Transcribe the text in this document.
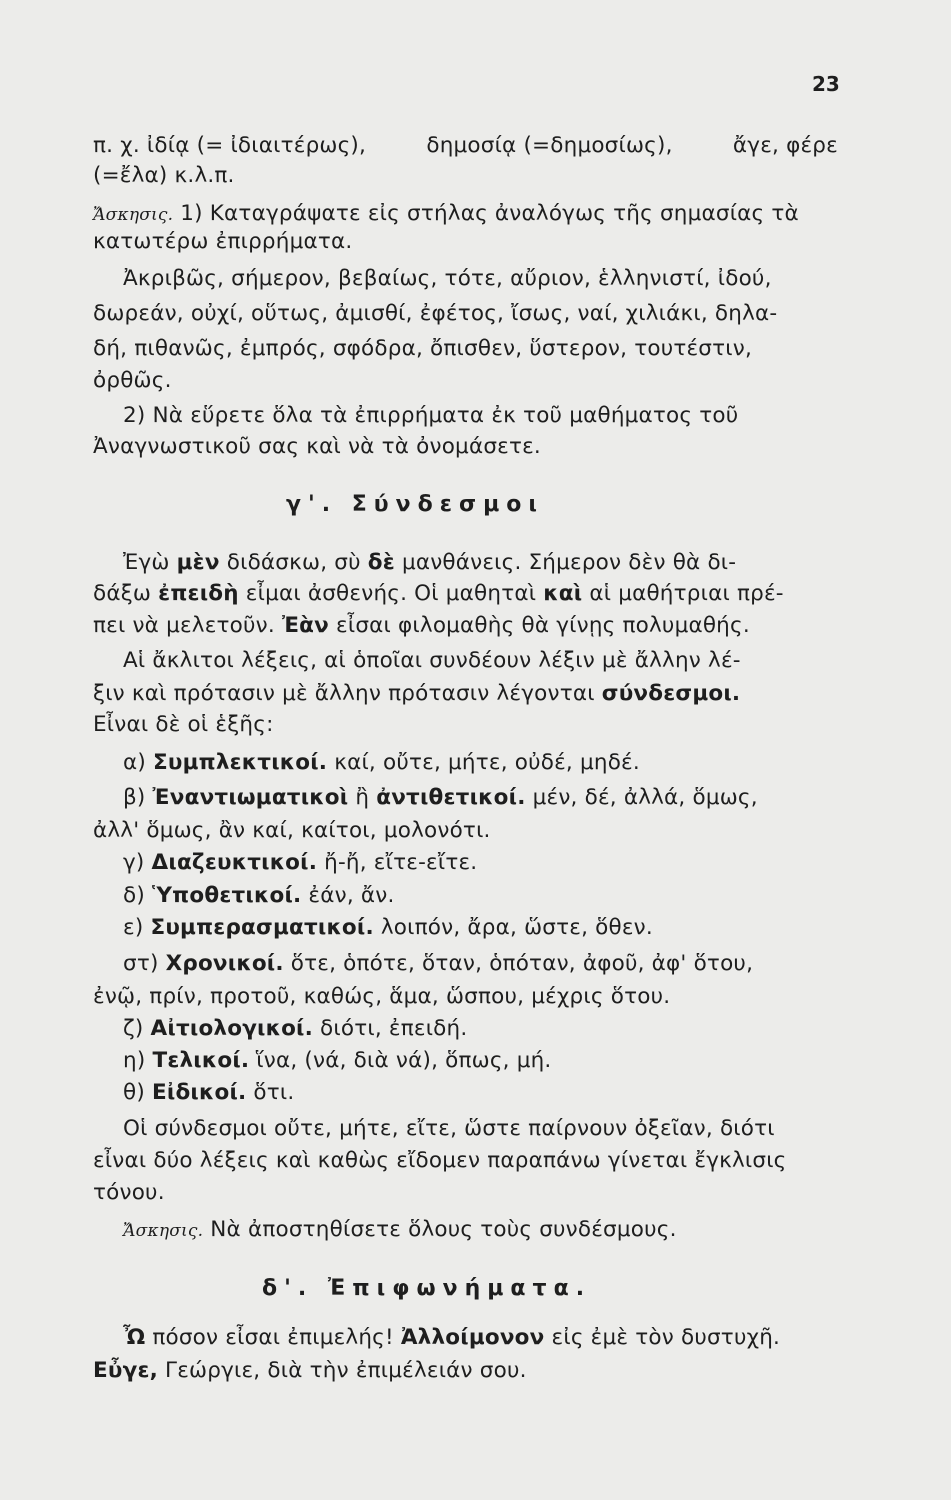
23
π. χ. ἰδίᾳ (= ἰδιαιτέρως),	δημοσίᾳ (=δημοσίως),	ἄγε, φέρε
(=ἔλα) κ.λ.π.
Ἄσκησις. 1) Καταγράψατε εἰς στήλας ἀναλόγως τῆς σημασίας τὰ
κατωτέρω ἐπιρρήματα.
Ἀκριβῶς, σήμερον, βεβαίως, τότε, αὔριον, ἑλληνιστί, ἰδού,
δωρεάν, οὐχί, οὕτως, ἀμισθί, ἐφέτος, ἴσως, ναί, χιλιάκι, δηλα-
δή, πιθανῶς, ἐμπρός, σφόδρα, ὄπισθεν, ὕστερον, τουτέστιν,
ὀρθῶς.
2) Νὰ εὕρετε ὅλα τὰ ἐπιρρήματα ἐκ τοῦ μαθήματος τοῦ
Ἀναγνωστικοῦ σας καὶ νὰ τὰ ὀνομάσετε.
γ'. Σύνδεσμοι
Ἐγὼ μὲν διδάσκω, σὺ δὲ μανθάνεις. Σήμερον δὲν θὰ δι-
δάξω ἐπειδὴ εἶμαι ἀσθενής. Οἱ μαθηταὶ καὶ αἱ μαθήτριαι πρέ-
πει νὰ μελετοῦν. Ἐὰν εἶσαι φιλομαθὴς θὰ γίνῃς πολυμαθής.
Αἱ ἄκλιτοι λέξεις, αἱ ὁποῖαι συνδέουν λέξιν μὲ ἄλλην λέ-
ξιν καὶ πρότασιν μὲ ἄλλην πρότασιν λέγονται σύνδεσμοι.
Εἶναι δὲ οἱ ἑξῆς:
α) Συμπλεκτικοί. καί, οὔτε, μήτε, οὐδέ, μηδέ.
β) Ἐναντιωματικοὶ ἢ ἀντιθετικοί. μέν, δέ, ἀλλά, ὅμως,
ἀλλ' ὅμως, ἂν καί, καίτοι, μολονότι.
γ) Διαζευκτικοί. ἤ-ἤ, εἴτε-εἴτε.
δ) Ὑποθετικοί. ἐάν, ἄν.
ε) Συμπερασματικοί. λοιπόν, ἄρα, ὥστε, ὅθεν.
στ) Χρονικοί. ὅτε, ὁπότε, ὅταν, ὁπόταν, ἀφοῦ, ἀφ' ὅτου,
ἐνῷ, πρίν, προτοῦ, καθώς, ἅμα, ὥσπου, μέχρις ὅτου.
ζ) Αἰτιολογικοί. διότι, ἐπειδή.
η) Τελικοί. ἵνα, (νά, διὰ νά), ὅπως, μή.
θ) Εἰδικοί. ὅτι.
Οἱ σύνδεσμοι οὔτε, μήτε, εἴτε, ὥστε παίρνουν ὀξεῖαν, διότι
εἶναι δύο λέξεις καὶ καθὼς εἴδομεν παραπάνω γίνεται ἔγκλισις
τόνου.
Ἄσκησις. Νὰ ἀποστηθίσετε ὅλους τοὺς συνδέσμους.
δ'. Ἐπιφωνήματα.
Ὦ πόσον εἶσαι ἐπιμελής! Ἀλλοίμονον εἰς ἐμὲ τὸν δυστυχῆ.
Εὖγε, Γεώργιε, διὰ τὴν ἐπιμέλειάν σου.
